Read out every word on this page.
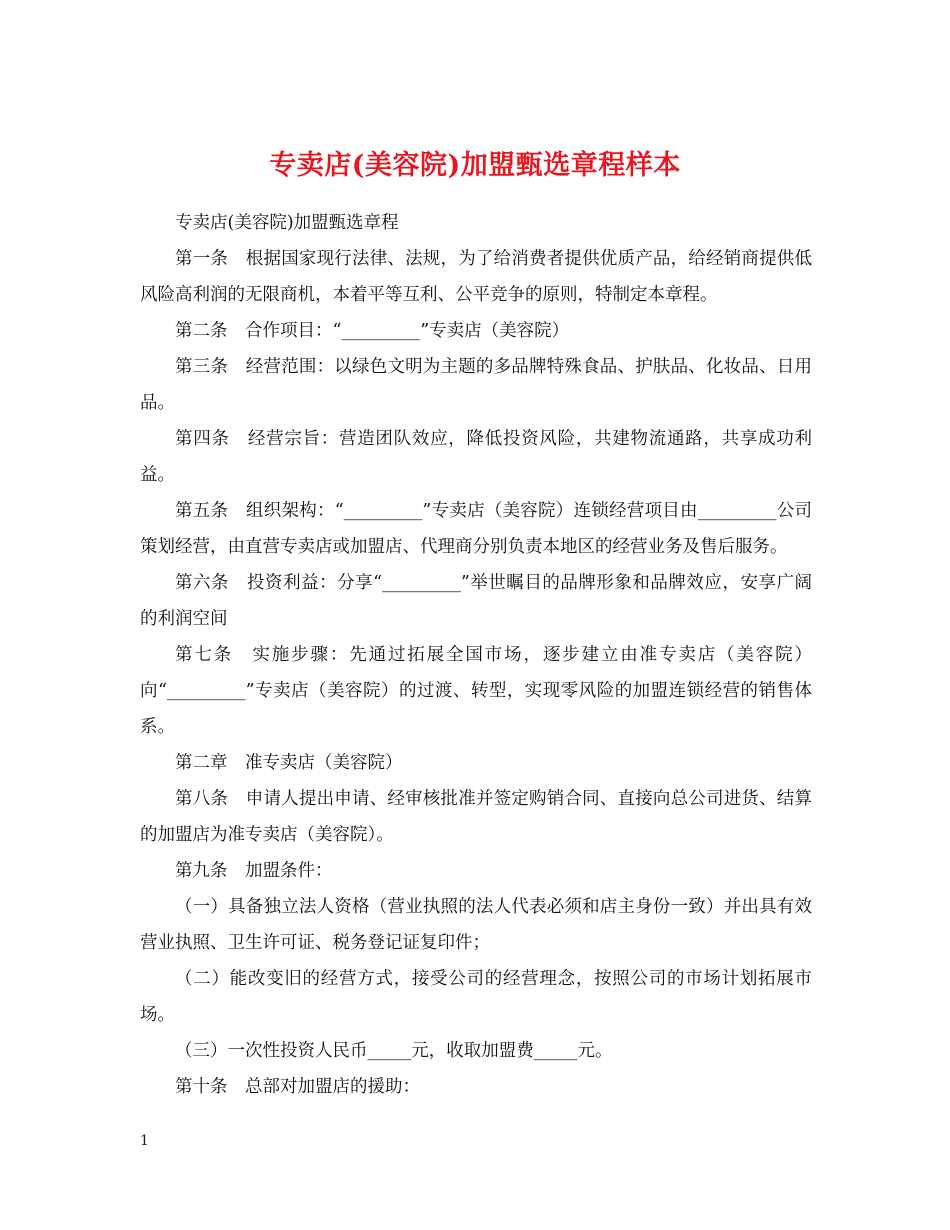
专卖店(美容院)加盟甄选章程样本

专卖店(美容院)加盟甄选章程

第一条　根据国家现行法律、法规，为了给消费者提供优质产品，给经销商提供低风险高利润的无限商机，本着平等互利、公平竞争的原则，特制定本章程。

第二条　合作项目：“_________”专卖店（美容院）

第三条　经营范围：以绿色文明为主题的多品牌特殊食品、护肤品、化妆品、日用品。

第四条　经营宗旨：营造团队效应，降低投资风险，共建物流通路，共享成功利益。

第五条　组织架构：“_________”专卖店（美容院）连锁经营项目由_________公司策划经营，由直营专卖店或加盟店、代理商分别负责本地区的经营业务及售后服务。

第六条　投资利益：分享“_________”举世瞩目的品牌形象和品牌效应，安享广阔的利润空间

第七条　实施步骤：先通过拓展全国市场，逐步建立由准专卖店（美容院）向“_________”专卖店（美容院）的过渡、转型，实现零风险的加盟连锁经营的销售体系。

第二章　准专卖店（美容院）

第八条　申请人提出申请、经审核批准并签定购销合同、直接向总公司进货、结算的加盟店为准专卖店（美容院）。

第九条　加盟条件：

（一）具备独立法人资格（营业执照的法人代表必须和店主身份一致）并出具有效营业执照、卫生许可证、税务登记证复印件；

（二）能改变旧的经营方式，接受公司的经营理念，按照公司的市场计划拓展市场。

（三）一次性投资人民币_____元，收取加盟费_____元。

第十条　总部对加盟店的援助：

1
